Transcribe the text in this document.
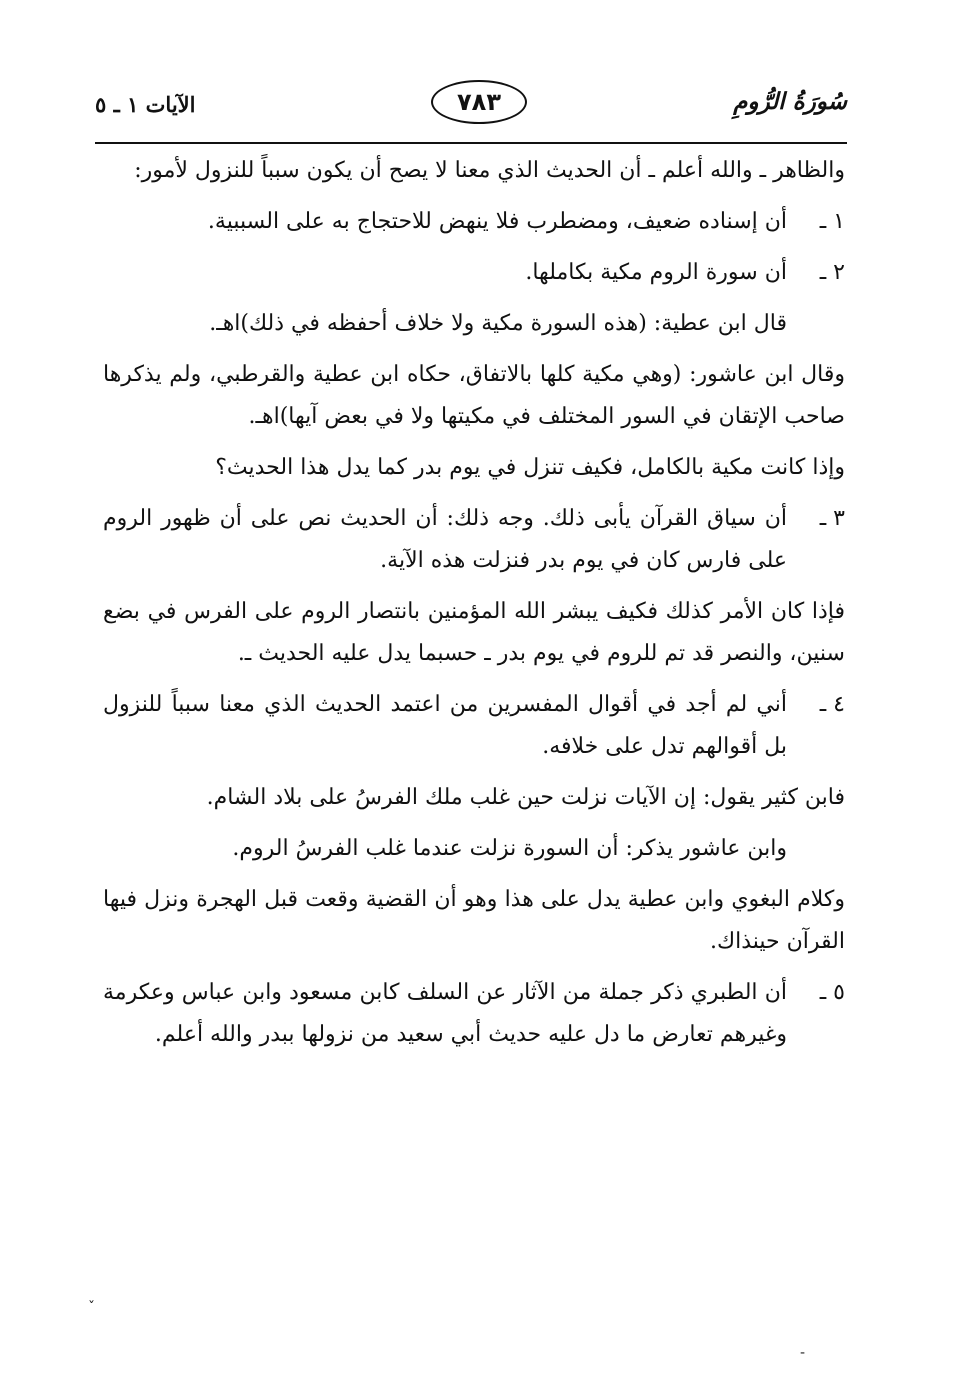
الآيات ١ ـ ٥	٧٨٣	سُورَةُ الرُّومِ

والظاهر ـ والله أعلم ـ أن الحديث الذي معنا لا يصح أن يكون سبباً للنزول لأمور:

١ ـ

أن إسناده ضعيف، ومضطرب فلا ينهض للاحتجاج به على السببية.

٢ ـ

أن سورة الروم مكية بكاملها.

قال ابن عطية: (هذه السورة مكية ولا خلاف أحفظه في ذلك)اهـ.

وقال ابن عاشور: (وهي مكية كلها بالاتفاق، حكاه ابن عطية والقرطبي، ولم يذكرها صاحب الإتقان في السور المختلف في مكيتها ولا في بعض آيها)اهـ.

وإذا كانت مكية بالكامل، فكيف تنزل في يوم بدر كما يدل هذا الحديث؟

٣ ـ

أن سياق القرآن يأبى ذلك. وجه ذلك: أن الحديث نص على أن ظهور الروم على فارس كان في يوم بدر فنزلت هذه الآية.

فإذا كان الأمر كذلك فكيف يبشر الله المؤمنين بانتصار الروم على الفرس في بضع سنين، والنصر قد تم للروم في يوم بدر ـ حسبما يدل عليه الحديث ـ.

٤ ـ

أني لم أجد في أقوال المفسرين من اعتمد الحديث الذي معنا سبباً للنزول بل أقوالهم تدل على خلافه.

فابن كثير يقول: إن الآيات نزلت حين غلب ملك الفرسُ على بلاد الشام.

وابن عاشور يذكر: أن السورة نزلت عندما غلب الفرسُ الروم.

وكلام البغوي وابن عطية يدل على هذا وهو أن القضية وقعت قبل الهجرة ونزل فيها القرآن حينذاك.

٥ ـ

أن الطبري ذكر جملة من الآثار عن السلف كابن مسعود وابن عباس وعكرمة وغيرهم تعارض ما دل عليه حديث أبي سعيد من نزولها ببدر والله أعلم.

ˇ
-
